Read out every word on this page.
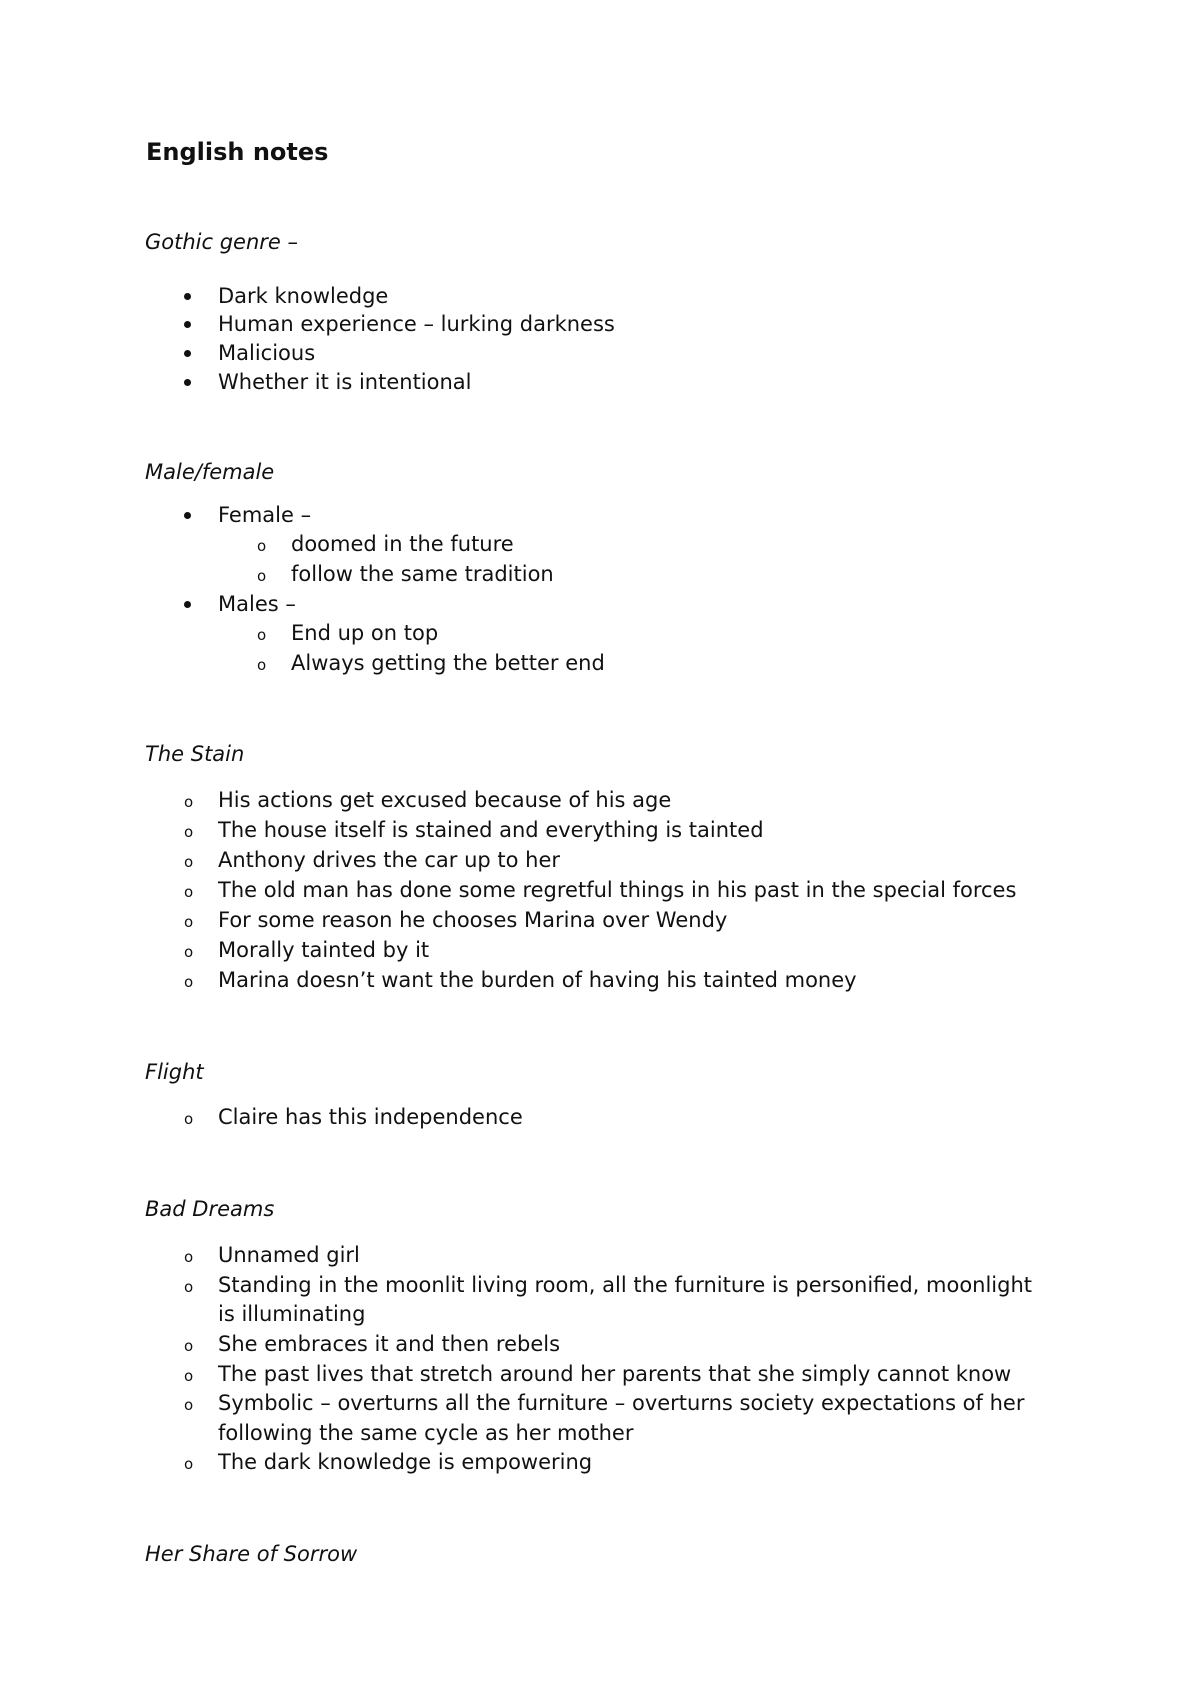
English notes
Gothic genre –
Dark knowledge
Human experience – lurking darkness
Malicious
Whether it is intentional
Male/female
Female –
o doomed in the future
o follow the same tradition
Males –
o End up on top
o Always getting the better end
The Stain
o His actions get excused because of his age
o The house itself is stained and everything is tainted
o Anthony drives the car up to her
o The old man has done some regretful things in his past in the special forces
o For some reason he chooses Marina over Wendy
o Morally tainted by it
o Marina doesn’t want the burden of having his tainted money
Flight
o Claire has this independence
Bad Dreams
o Unnamed girl
o Standing in the moonlit living room, all the furniture is personified, moonlight
is illuminating
o She embraces it and then rebels
o The past lives that stretch around her parents that she simply cannot know
o Symbolic – overturns all the furniture – overturns society expectations of her
following the same cycle as her mother
o The dark knowledge is empowering
Her Share of Sorrow
